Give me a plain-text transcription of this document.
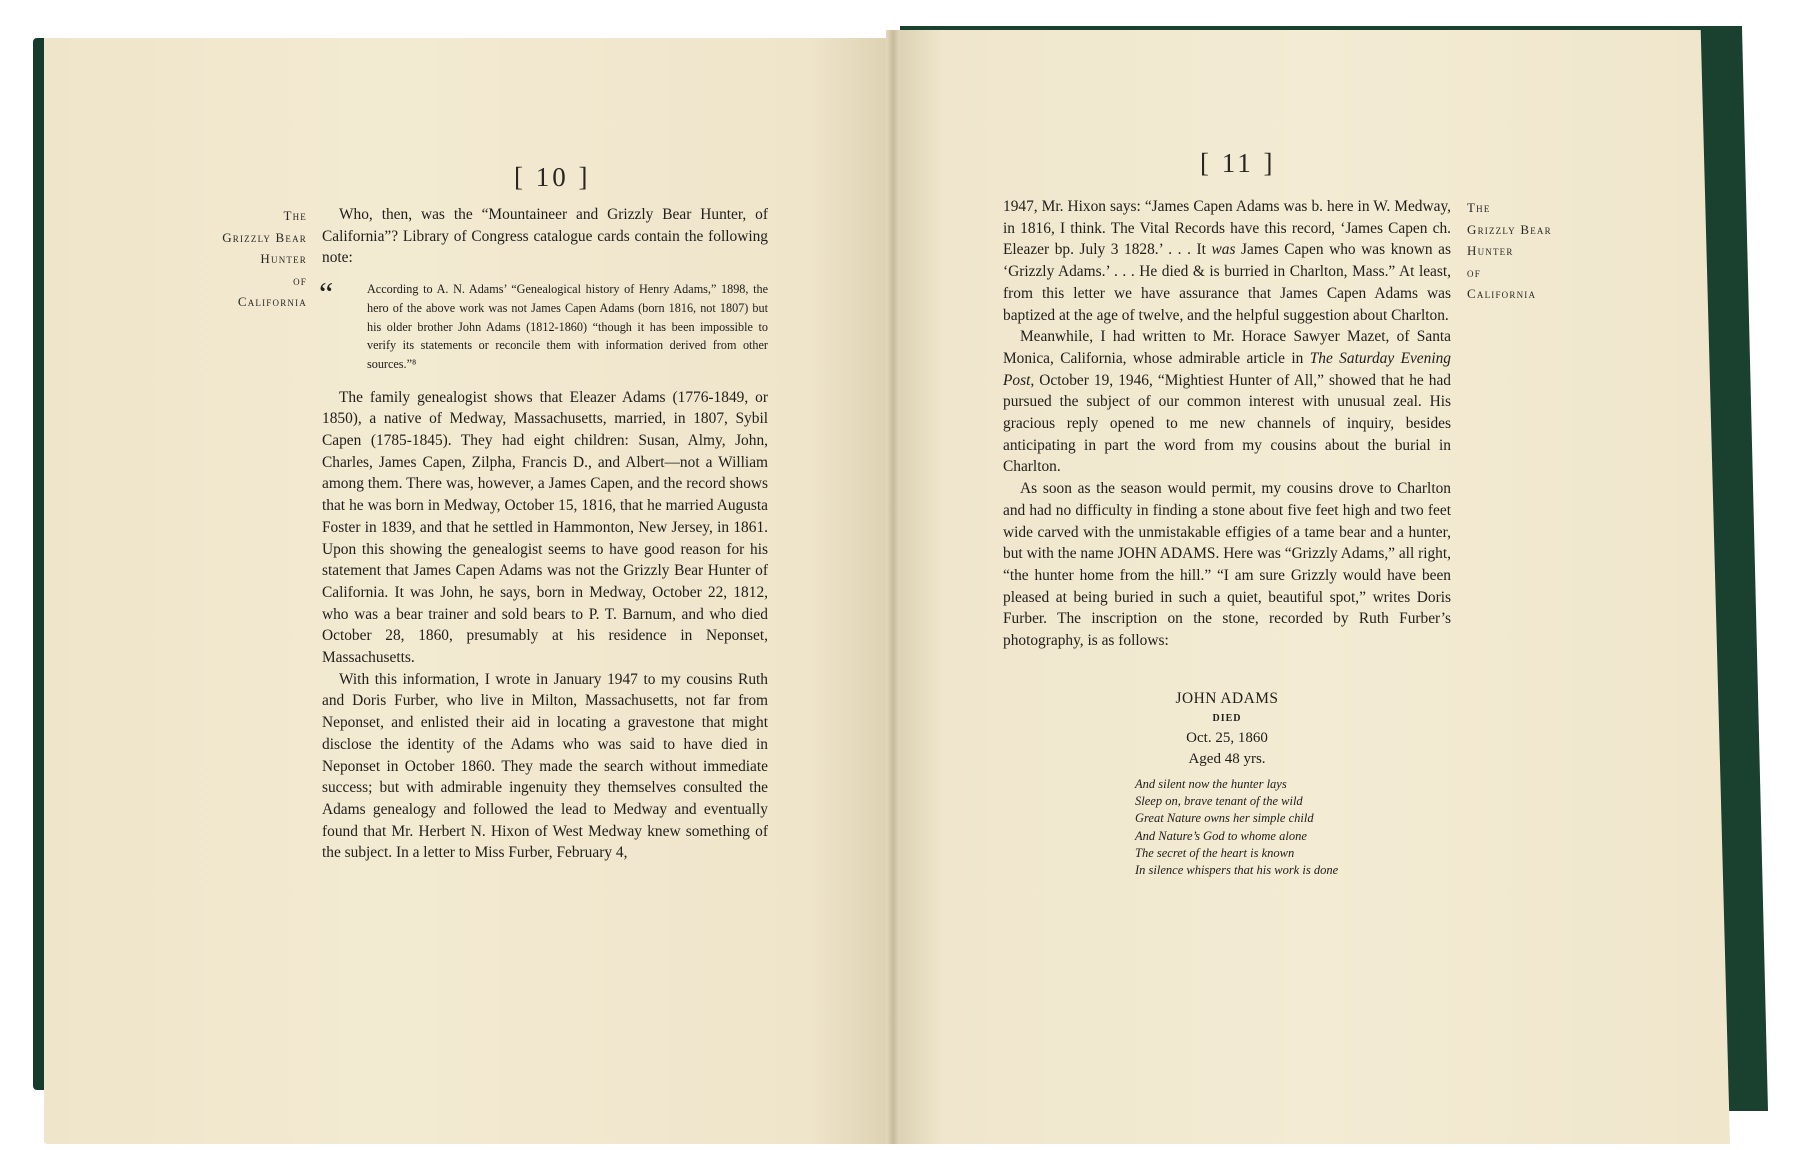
[ 10 ]
The
Grizzly Bear
Hunter
of
California

Who, then, was the “Mountaineer and Grizzly Bear Hunter, of California”? Library of Congress catalogue cards contain the following note:

“	According to A. N. Adams’ “Genealogical history of Henry Adams,” 1898, the hero of the above work was not James Capen Adams (born 1816, not 1807) but his older brother John Adams (1812-1860) “though it has been impossible to verify its statements or reconcile them with information derived from other sources.”⁸

The family genealogist shows that Eleazer Adams (1776-1849, or 1850), a native of Medway, Massachusetts, married, in 1807, Sybil Capen (1785-1845). They had eight children: Susan, Almy, John, Charles, James Capen, Zilpha, Francis D., and Albert—not a William among them. There was, however, a James Capen, and the record shows that he was born in Medway, October 15, 1816, that he married Augusta Foster in 1839, and that he settled in Hammonton, New Jersey, in 1861. Upon this showing the genealogist seems to have good reason for his statement that James Capen Adams was not the Grizzly Bear Hunter of California. It was John, he says, born in Medway, October 22, 1812, who was a bear trainer and sold bears to P. T. Barnum, and who died October 28, 1860, presumably at his residence in Neponset, Massachusetts.

With this information, I wrote in January 1947 to my cousins Ruth and Doris Furber, who live in Milton, Massachusetts, not far from Neponset, and enlisted their aid in locating a gravestone that might disclose the identity of the Adams who was said to have died in Neponset in October 1860. They made the search without immediate success; but with admirable ingenuity they themselves consulted the Adams genealogy and followed the lead to Medway and eventually found that Mr. Herbert N. Hixon of West Medway knew something of the subject. In a letter to Miss Furber, February 4,

[ 11 ]
The
Grizzly Bear
Hunter
of
California

1947, Mr. Hixon says: “James Capen Adams was b. here in W. Medway, in 1816, I think. The Vital Records have this record, ‘James Capen ch. Eleazer bp. July 3 1828.’ . . . It was James Capen who was known as ‘Grizzly Adams.’ . . . He died & is burried in Charlton, Mass.” At least, from this letter we have assurance that James Capen Adams was baptized at the age of twelve, and the helpful suggestion about Charlton.

Meanwhile, I had written to Mr. Horace Sawyer Mazet, of Santa Monica, California, whose admirable article in The Saturday Evening Post, October 19, 1946, “Mightiest Hunter of All,” showed that he had pursued the subject of our common interest with unusual zeal. His gracious reply opened to me new channels of inquiry, besides anticipating in part the word from my cousins about the burial in Charlton.

As soon as the season would permit, my cousins drove to Charlton and had no difficulty in finding a stone about five feet high and two feet wide carved with the unmistakable effigies of a tame bear and a hunter, but with the name JOHN ADAMS. Here was “Grizzly Adams,” all right, “the hunter home from the hill.” “I am sure Grizzly would have been pleased at being buried in such a quiet, beautiful spot,” writes Doris Furber. The inscription on the stone, recorded by Ruth Furber’s photography, is as follows:

JOHN ADAMS
DIED
Oct. 25, 1860
Aged 48 yrs.
And silent now the hunter lays
Sleep on, brave tenant of the wild
Great Nature owns her simple child
And Nature’s God to whome alone
The secret of the heart is known
In silence whispers that his work is done
